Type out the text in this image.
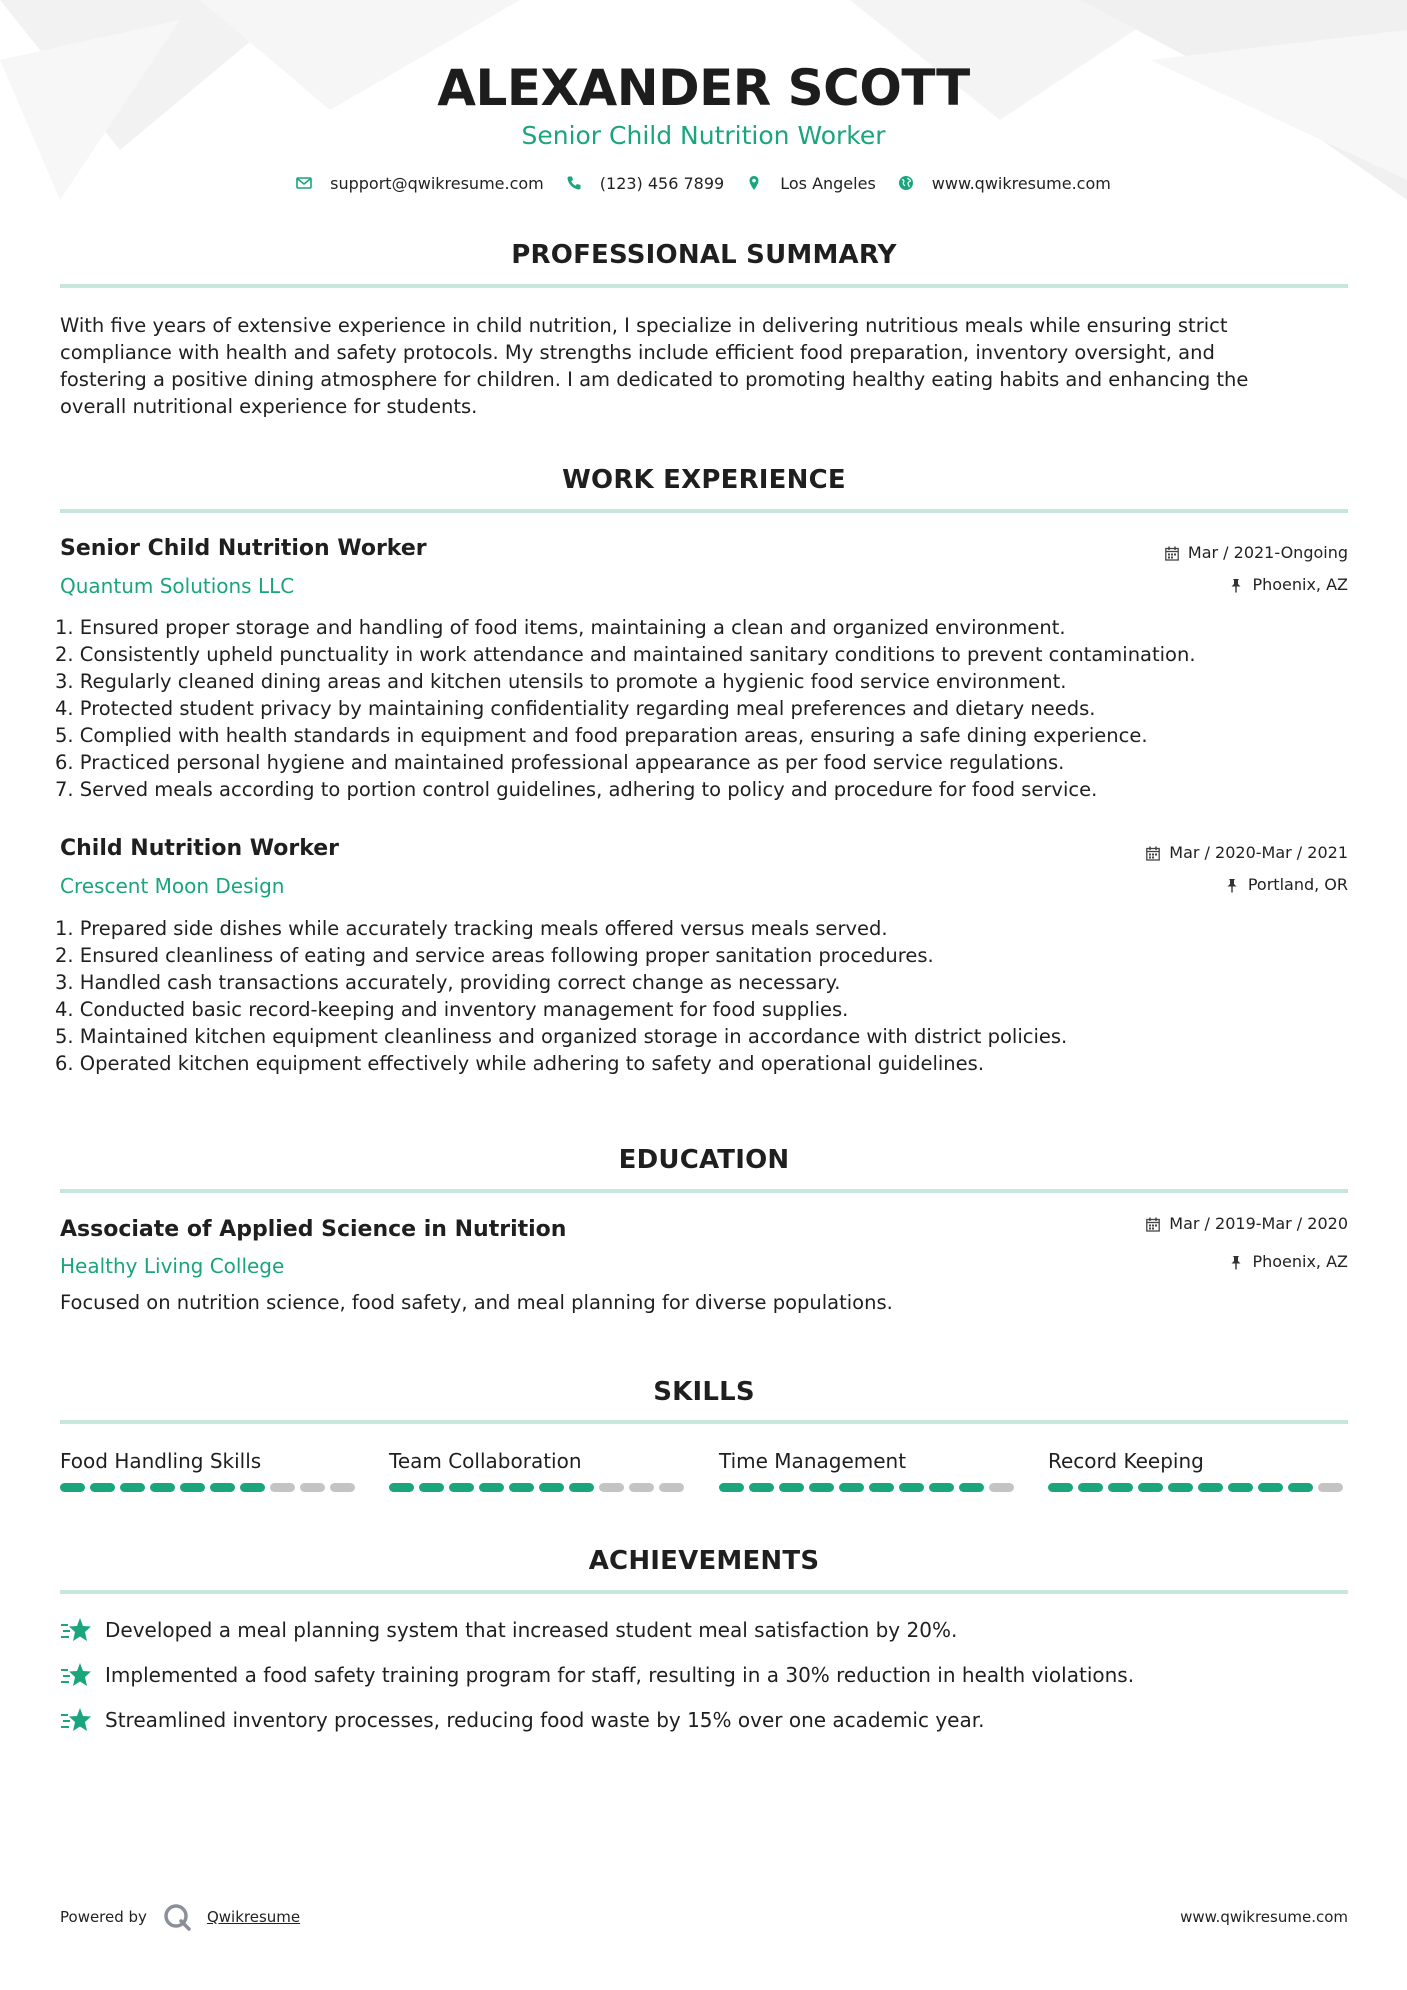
ALEXANDER SCOTT
Senior Child Nutrition Worker
support@qwikresume.com	(123) 456 7899	Los Angeles	www.qwikresume.com
PROFESSIONAL SUMMARY
With five years of extensive experience in child nutrition, I specialize in delivering nutritious meals while ensuring strict
compliance with health and safety protocols. My strengths include efficient food preparation, inventory oversight, and
fostering a positive dining atmosphere for children. I am dedicated to promoting healthy eating habits and enhancing the
overall nutritional experience for students.
WORK EXPERIENCE
Senior Child Nutrition Worker	Mar / 2021-Ongoing
Quantum Solutions LLC	Phoenix, AZ
1. Ensured proper storage and handling of food items, maintaining a clean and organized environment.
2. Consistently upheld punctuality in work attendance and maintained sanitary conditions to prevent contamination.
3. Regularly cleaned dining areas and kitchen utensils to promote a hygienic food service environment.
4. Protected student privacy by maintaining confidentiality regarding meal preferences and dietary needs.
5. Complied with health standards in equipment and food preparation areas, ensuring a safe dining experience.
6. Practiced personal hygiene and maintained professional appearance as per food service regulations.
7. Served meals according to portion control guidelines, adhering to policy and procedure for food service.
Child Nutrition Worker	Mar / 2020-Mar / 2021
Crescent Moon Design	Portland, OR
1. Prepared side dishes while accurately tracking meals offered versus meals served.
2. Ensured cleanliness of eating and service areas following proper sanitation procedures.
3. Handled cash transactions accurately, providing correct change as necessary.
4. Conducted basic record-keeping and inventory management for food supplies.
5. Maintained kitchen equipment cleanliness and organized storage in accordance with district policies.
6. Operated kitchen equipment effectively while adhering to safety and operational guidelines.
EDUCATION
Associate of Applied Science in Nutrition	Mar / 2019-Mar / 2020
Healthy Living College	Phoenix, AZ
Focused on nutrition science, food safety, and meal planning for diverse populations.
SKILLS
Food Handling Skills	Team Collaboration	Time Management	Record Keeping
ACHIEVEMENTS
Developed a meal planning system that increased student meal satisfaction by 20%.
Implemented a food safety training program for staff, resulting in a 30% reduction in health violations.
Streamlined inventory processes, reducing food waste by 15% over one academic year.
Powered by	Qwikresume	www.qwikresume.com
